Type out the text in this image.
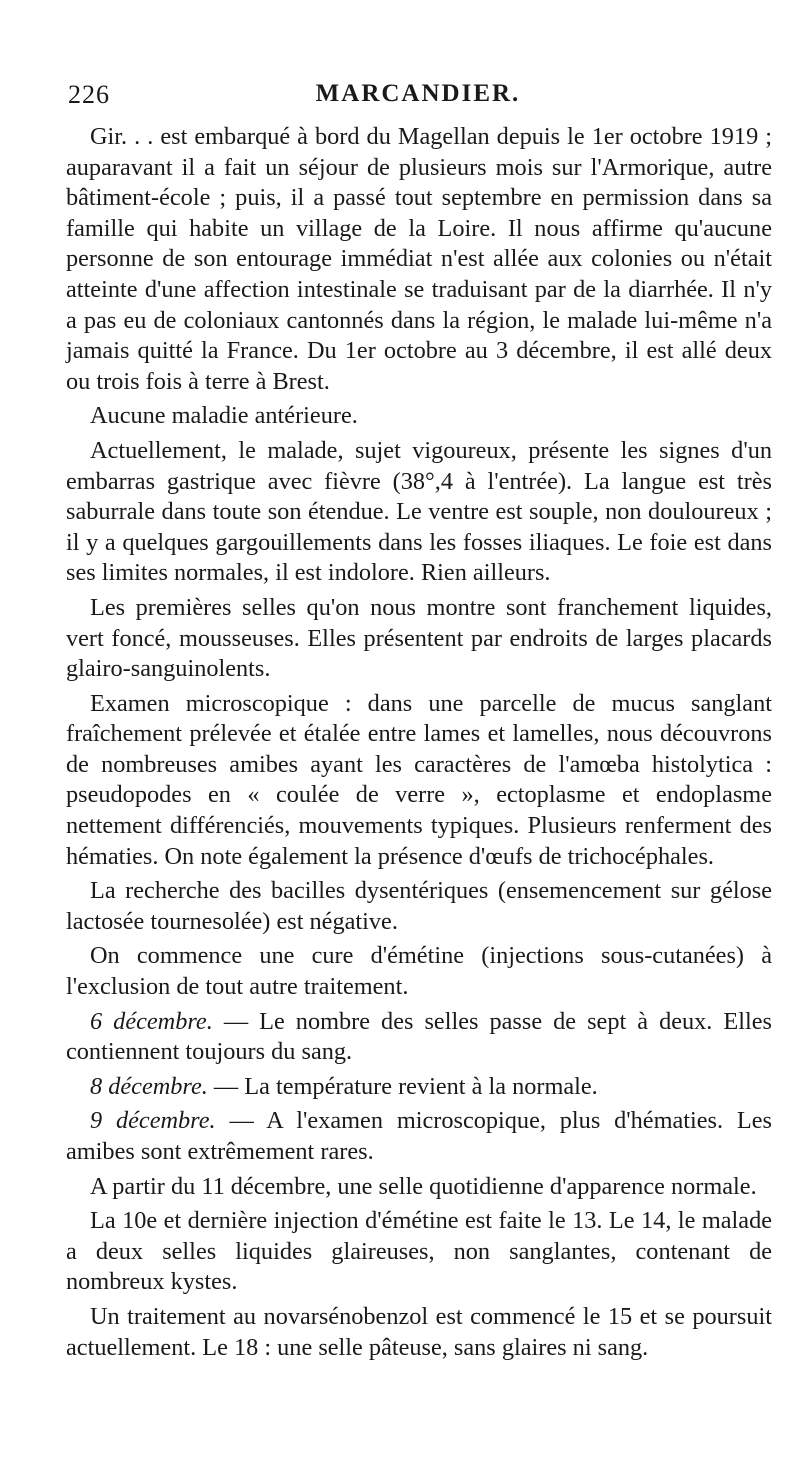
226	MARCANDIER.

Gir. . . est embarqué à bord du Magellan depuis le 1er octobre 1919 ; auparavant il a fait un séjour de plusieurs mois sur l'Armorique, autre bâtiment-école ; puis, il a passé tout septembre en permission dans sa famille qui habite un village de la Loire. Il nous affirme qu'aucune personne de son entourage immédiat n'est allée aux colonies ou n'était atteinte d'une affection intestinale se traduisant par de la diarrhée. Il n'y a pas eu de coloniaux cantonnés dans la région, le malade lui-même n'a jamais quitté la France. Du 1er octobre au 3 décembre, il est allé deux ou trois fois à terre à Brest.

Aucune maladie antérieure.

Actuellement, le malade, sujet vigoureux, présente les signes d'un embarras gastrique avec fièvre (38°,4 à l'entrée). La langue est très saburrale dans toute son étendue. Le ventre est souple, non douloureux ; il y a quelques gargouillements dans les fosses iliaques. Le foie est dans ses limites normales, il est indolore. Rien ailleurs.

Les premières selles qu'on nous montre sont franchement liquides, vert foncé, mousseuses. Elles présentent par endroits de larges placards glairo-sanguinolents.

Examen microscopique : dans une parcelle de mucus sanglant fraîchement prélevée et étalée entre lames et lamelles, nous découvrons de nombreuses amibes ayant les caractères de l'amœba histolytica : pseudopodes en « coulée de verre », ectoplasme et endoplasme nettement différenciés, mouvements typiques. Plusieurs renferment des hématies. On note également la présence d'œufs de trichocéphales.

La recherche des bacilles dysentériques (ensemencement sur gélose lactosée tournesolée) est négative.

On commence une cure d'émétine (injections sous-cutanées) à l'exclusion de tout autre traitement.

6 décembre. — Le nombre des selles passe de sept à deux. Elles contiennent toujours du sang.

8 décembre. — La température revient à la normale.

9 décembre. — A l'examen microscopique, plus d'hématies. Les amibes sont extrêmement rares.

A partir du 11 décembre, une selle quotidienne d'apparence normale.

La 10e et dernière injection d'émétine est faite le 13. Le 14, le malade a deux selles liquides glaireuses, non sanglantes, contenant de nombreux kystes.

Un traitement au novarsénobenzol est commencé le 15 et se poursuit actuellement. Le 18 : une selle pâteuse, sans glaires ni sang.
